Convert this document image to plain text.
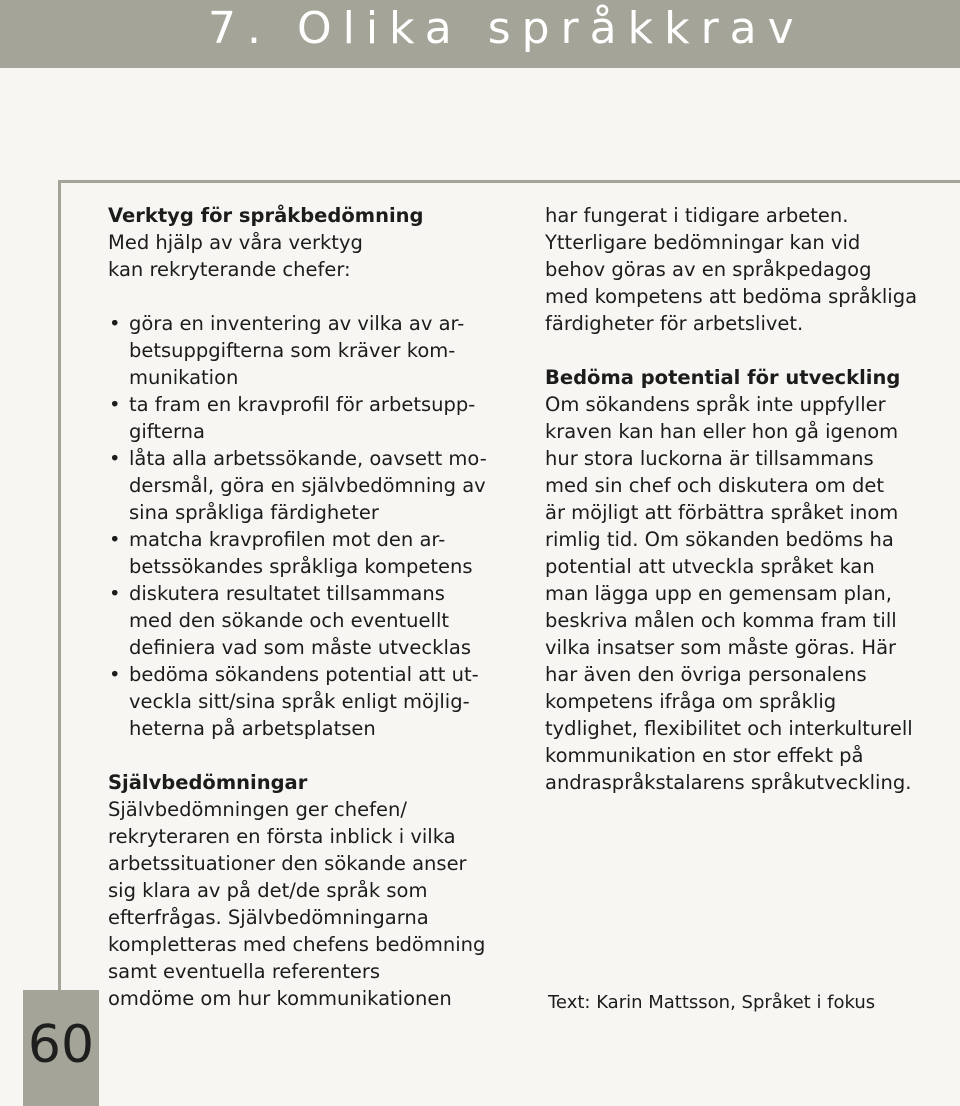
7. Olika språkkrav
60
Verktyg för språkbedömning

Med hjälp av våra verktyg
kan rekryterande chefer:

• göra en inventering av vilka av ar-
betsuppgifterna som kräver kom-
munikation
• ta fram en kravprofil för arbetsupp-
gifterna
• låta alla arbetssökande, oavsett mo-
dersmål, göra en självbedömning av
sina språkliga färdigheter
• matcha kravprofilen mot den ar-
betssökandes språkliga kompetens
• diskutera resultatet tillsammans
med den sökande och eventuellt
definiera vad som måste utvecklas
• bedöma sökandens potential att ut-
veckla sitt/sina språk enligt möjlig-
heterna på arbetsplatsen
Självbedömningar

Självbedömningen ger chefen/
rekryteraren en första inblick i vilka
arbetssituationer den sökande anser
sig klara av på det/de språk som
efterfrågas. Självbedömningarna
kompletteras med chefens bedömning
samt eventuella referenters
omdöme om hur kommunikationen

har fungerat i tidigare arbeten.
Ytterligare bedömningar kan vid
behov göras av en språkpedagog
med kompetens att bedöma språkliga
färdigheter för arbetslivet.

Bedöma potential för utveckling

Om sökandens språk inte uppfyller
kraven kan han eller hon gå igenom
hur stora luckorna är tillsammans
med sin chef och diskutera om det
är möjligt att förbättra språket inom
rimlig tid. Om sökanden bedöms ha
potential att utveckla språket kan
man lägga upp en gemensam plan,
beskriva målen och komma fram till
vilka insatser som måste göras. Här
har även den övriga personalens
kompetens ifråga om språklig
tydlighet, flexibilitet och interkulturell
kommunikation en stor effekt på
andraspråkstalarens språkutveckling.

Text: Karin Mattsson, Språket i fokus
